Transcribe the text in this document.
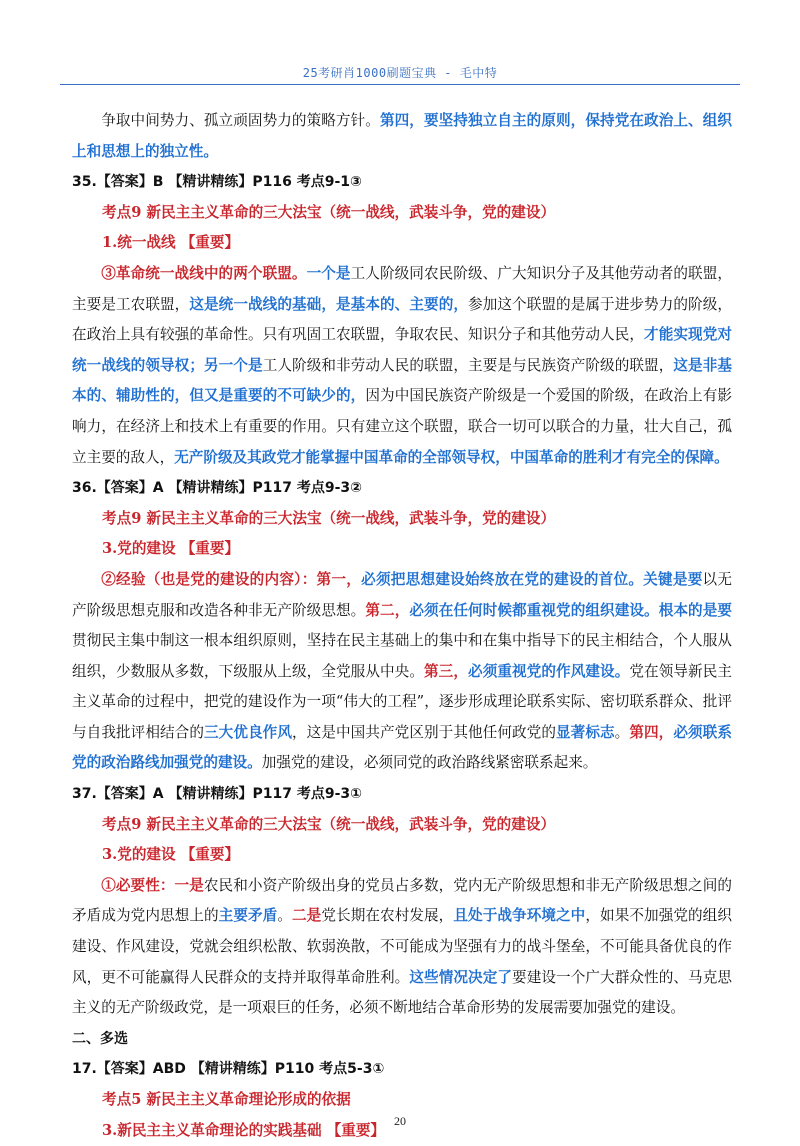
25考研肖1000刷题宝典 - 毛中特
争取中间势力、孤立顽固势力的策略方针。第四，要坚持独立自主的原则，保持党在政治上、组织上和思想上的独立性。
35.【答案】B 【精讲精练】P116 考点9-1③
考点9 新民主主义革命的三大法宝（统一战线，武装斗争，党的建设）
1.统一战线 【重要】
③革命统一战线中的两个联盟。一个是工人阶级同农民阶级、广大知识分子及其他劳动者的联盟，主要是工农联盟，这是统一战线的基础，是基本的、主要的，参加这个联盟的是属于进步势力的阶级，在政治上具有较强的革命性。只有巩固工农联盟，争取农民、知识分子和其他劳动人民，才能实现党对统一战线的领导权；另一个是工人阶级和非劳动人民的联盟，主要是与民族资产阶级的联盟，这是非基本的、辅助性的，但又是重要的不可缺少的，因为中国民族资产阶级是一个爱国的阶级，在政治上有影响力，在经济上和技术上有重要的作用。只有建立这个联盟，联合一切可以联合的力量，壮大自己，孤立主要的敌人，无产阶级及其政党才能掌握中国革命的全部领导权，中国革命的胜利才有完全的保障。
36.【答案】A 【精讲精练】P117 考点9-3②
考点9 新民主主义革命的三大法宝（统一战线，武装斗争，党的建设）
3.党的建设 【重要】
②经验（也是党的建设的内容）：第一，必须把思想建设始终放在党的建设的首位。关键是要以无产阶级思想克服和改造各种非无产阶级思想。第二，必须在任何时候都重视党的组织建设。根本的是要贯彻民主集中制这一根本组织原则，坚持在民主基础上的集中和在集中指导下的民主相结合，个人服从组织，少数服从多数，下级服从上级，全党服从中央。第三，必须重视党的作风建设。党在领导新民主主义革命的过程中，把党的建设作为一项“伟大的工程”，逐步形成理论联系实际、密切联系群众、批评与自我批评相结合的三大优良作风，这是中国共产党区别于其他任何政党的显著标志。第四，必须联系党的政治路线加强党的建设。加强党的建设，必须同党的政治路线紧密联系起来。
37.【答案】A 【精讲精练】P117 考点9-3①
考点9 新民主主义革命的三大法宝（统一战线，武装斗争，党的建设）
3.党的建设 【重要】
①必要性：一是农民和小资产阶级出身的党员占多数，党内无产阶级思想和非无产阶级思想之间的矛盾成为党内思想上的主要矛盾。二是党长期在农村发展，且处于战争环境之中，如果不加强党的组织建设、作风建设，党就会组织松散、软弱涣散，不可能成为坚强有力的战斗堡垒，不可能具备优良的作风，更不可能赢得人民群众的支持并取得革命胜利。这些情况决定了要建设一个广大群众性的、马克思主义的无产阶级政党，是一项艰巨的任务，必须不断地结合革命形势的发展需要加强党的建设。
二、多选
17.【答案】ABD 【精讲精练】P110 考点5-3①
考点5 新民主主义革命理论形成的依据
3.新民主主义革命理论的实践基础 【重要】
20
